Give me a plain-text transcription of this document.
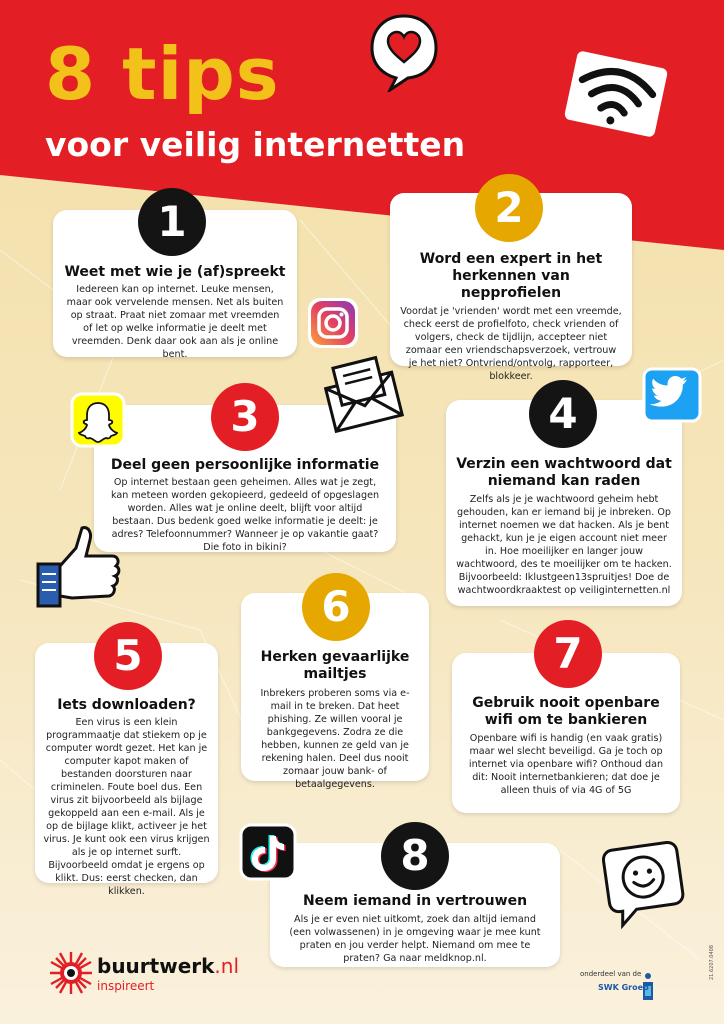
8 tips
voor veilig internetten
Weet met wie je (af)spreekt

Iedereen kan op internet. Leuke mensen, maar ook vervelende mensen. Net als buiten op straat. Praat niet zomaar met vreemden of let op welke informatie je deelt met vreemden. Denk daar ook aan als je online bent.

1
Word een expert in het herkennen van nepprofielen

Voordat je 'vrienden' wordt met een vreemde, check eerst de profielfoto, check vrienden of volgers, check de tijdlijn, accepteer niet zomaar een vriendschapsverzoek, vertrouw je het niet? Ontvriend/ontvolg, rapporteer, blokkeer.

2
Deel geen persoonlijke informatie

Op internet bestaan geen geheimen. Alles wat je zegt, kan meteen worden gekopieerd, gedeeld of opgeslagen worden. Alles wat je online deelt, blijft voor altijd bestaan. Dus bedenk goed welke informatie je deelt: je adres? Telefoonnummer? Wanneer je op vakantie gaat? Die foto in bikini?

3
Verzin een wachtwoord dat niemand kan raden

Zelfs als je je wachtwoord geheim hebt gehouden, kan er iemand bij je inbreken. Op internet noemen we dat hacken. Als je bent gehackt, kun je je eigen account niet meer in. Hoe moeilijker en langer jouw wachtwoord, des te moeilijker om te hacken. Bijvoorbeeld: Iklustgeen13spruitjes! Doe de wachtwoordkraaktest op veiliginternetten.nl

4
Iets downloaden?

Een virus is een klein programmaatje dat stiekem op je computer wordt gezet. Het kan je computer kapot maken of bestanden doorsturen naar criminelen. Foute boel dus. Een virus zit bijvoorbeeld als bijlage gekoppeld aan een e-mail. Als je op de bijlage klikt, activeer je het virus. Je kunt ook een virus krijgen als je op internet surft. Bijvoorbeeld omdat je ergens op klikt. Dus: eerst checken, dan klikken.

5	Herken gevaarlijke mailtjes

Inbrekers proberen soms via e-mail in te breken. Dat heet phishing. Ze willen vooral je bankgegevens. Zodra ze die hebben, kunnen ze geld van je rekening halen. Deel dus nooit zomaar jouw bank- of betaalgegevens.

6
Gebruik nooit openbare wifi om te bankieren

Openbare wifi is handig (en vaak gratis) maar wel slecht beveiligd. Ga je toch op internet via openbare wifi? Onthoud dan dit: Nooit internetbankieren; dat doe je alleen thuis of via 4G of 5G

7
Neem iemand in vertrouwen

Als je er even niet uitkomt, zoek dan altijd iemand (een volwassenen) in je omgeving waar je mee kunt praten en jou verder helpt. Niemand om mee te praten? Ga naar meldknop.nl.

8
buurtwerk.nl
inspireert
onderdeel van de
SWK Groep
21.6207.0408
